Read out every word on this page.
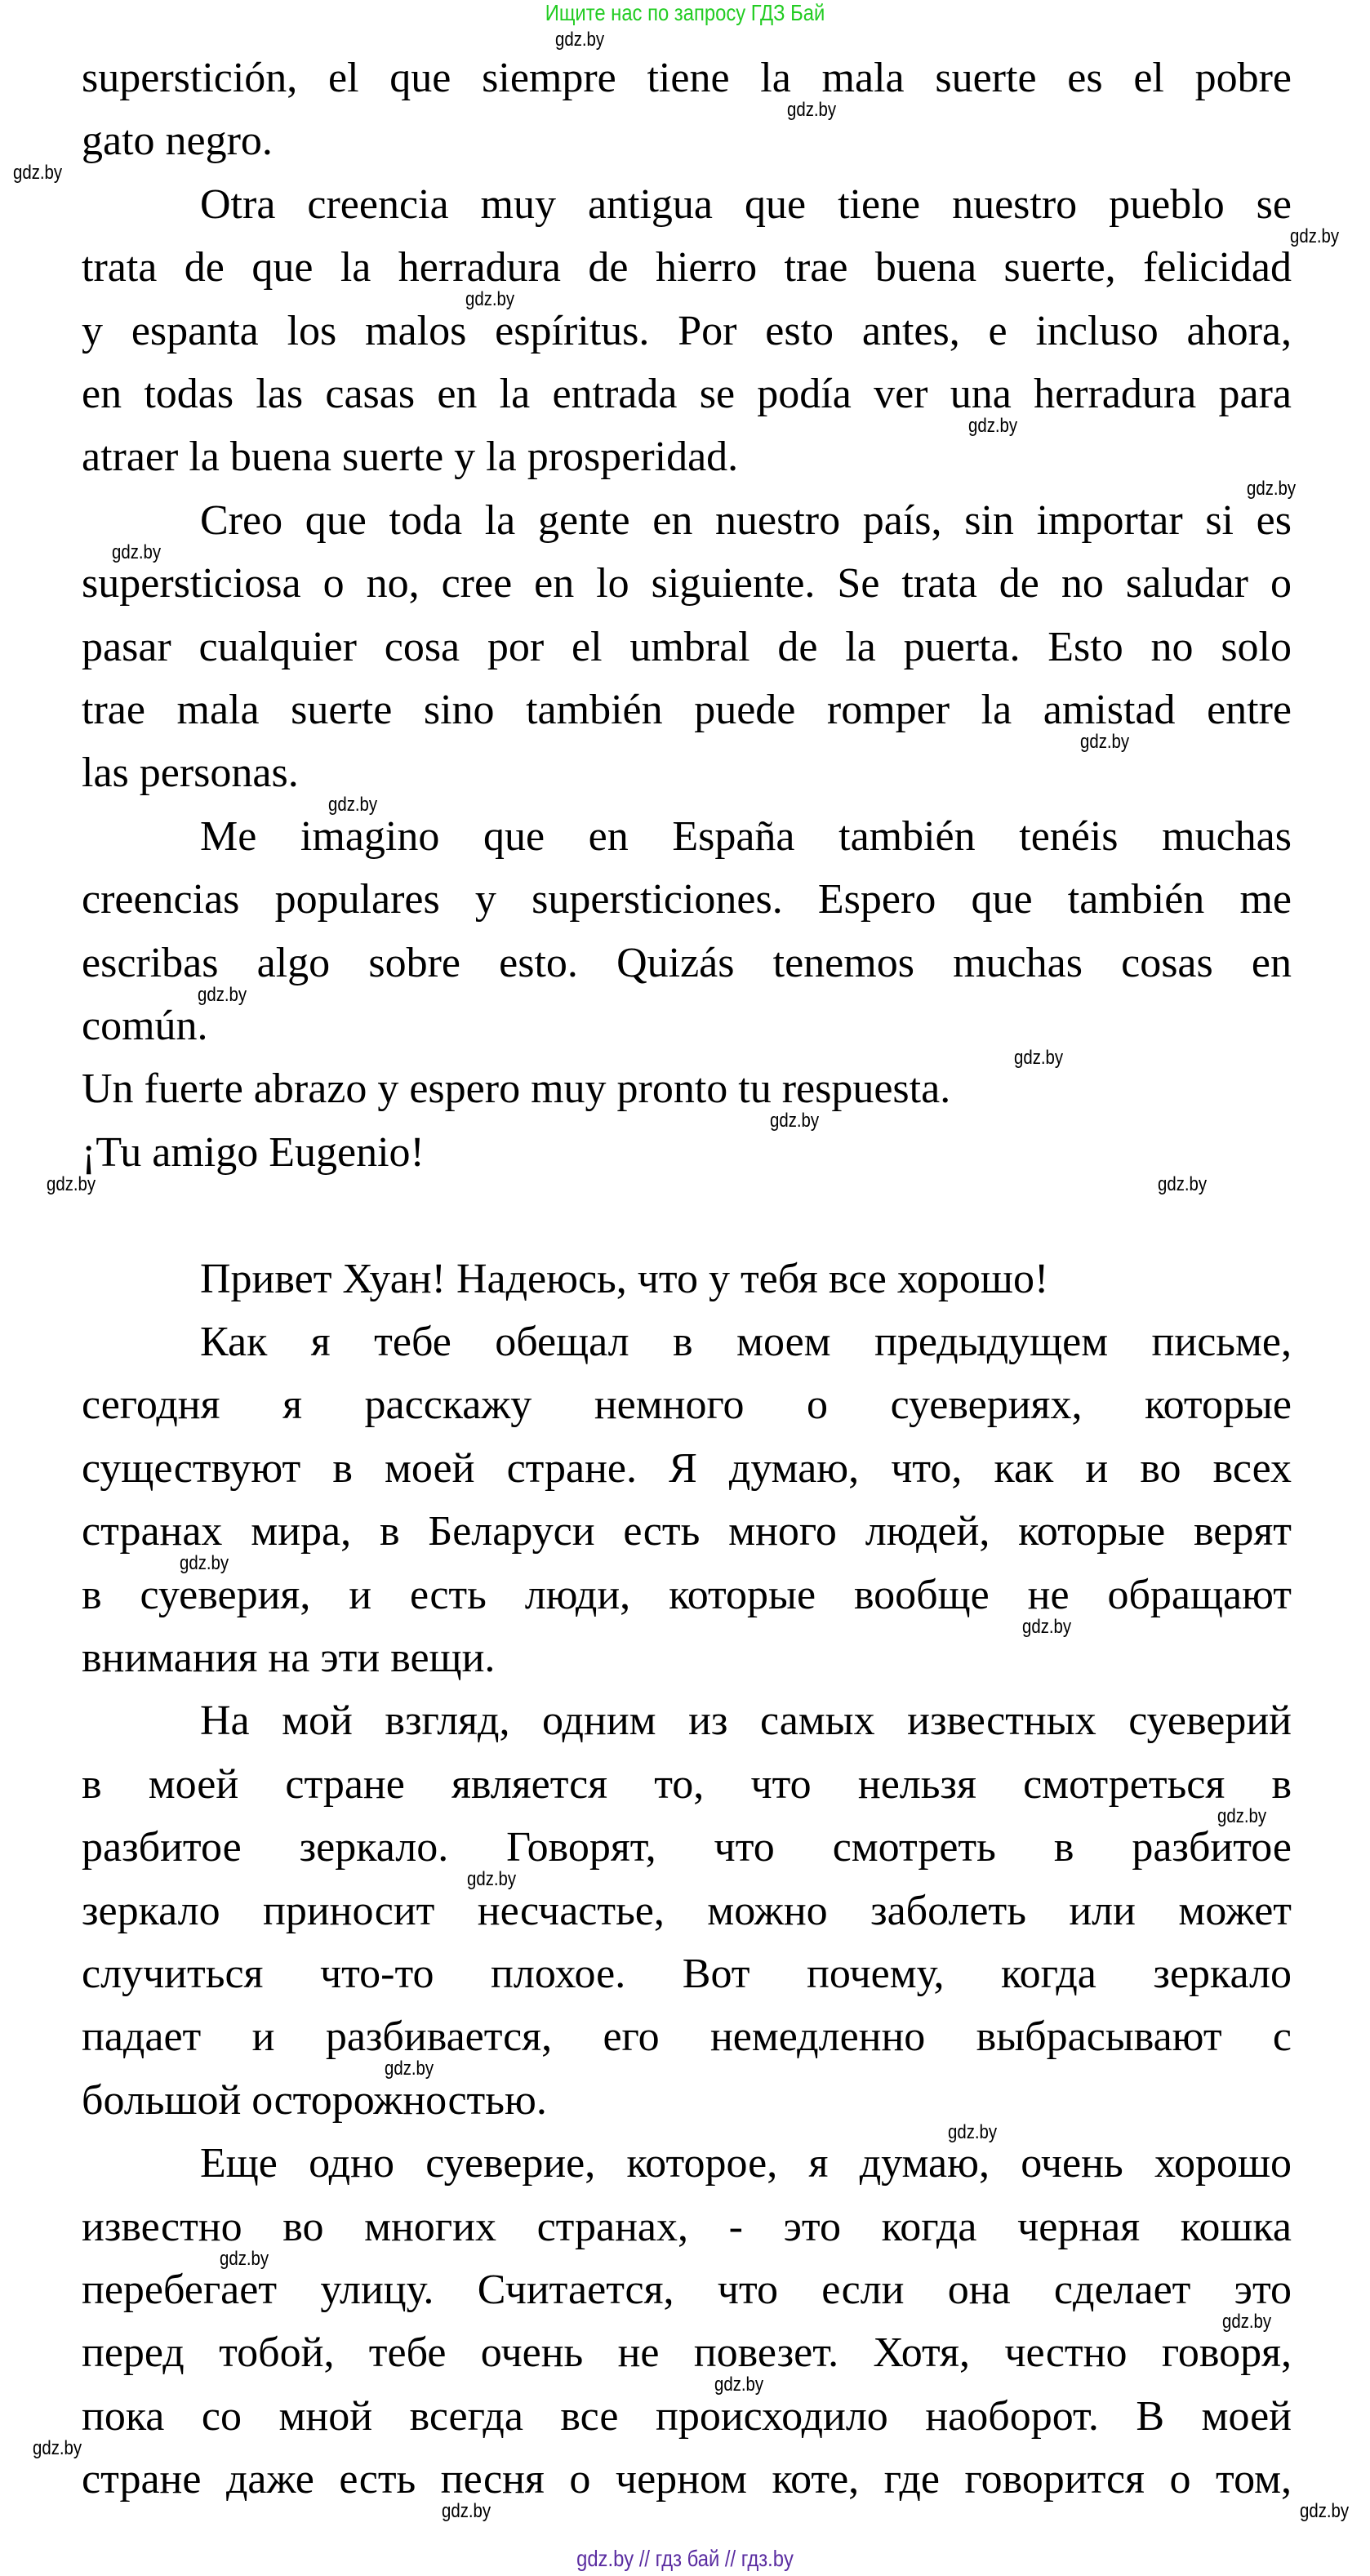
Ищите нас по запросу ГДЗ Бай
superstición, el que siempre tiene la mala suerte es el pobre
gato negro.
Otra creencia muy antigua que tiene nuestro pueblo se
trata de que la herradura de hierro trae buena suerte, felicidad
y espanta los malos espíritus. Por esto antes, e incluso ahora,
en todas las casas en la entrada se podía ver una herradura para
atraer la buena suerte y la prosperidad.
Creo que toda la gente en nuestro país, sin importar si es
supersticiosa o no, cree en lo siguiente. Se trata de no saludar o
pasar cualquier cosa por el umbral de la puerta. Esto no solo
trae mala suerte sino también puede romper la amistad entre
las personas.
Me imagino que en España también tenéis muchas
creencias populares y supersticiones. Espero que también me
escribas algo sobre esto. Quizás tenemos muchas cosas en
común.
Un fuerte abrazo y espero muy pronto tu respuesta.
¡Tu amigo Eugenio!
Привет Хуан! Надеюсь, что у тебя все хорошо!
Как я тебе обещал в моем предыдущем письме,
сегодня я расскажу немного о суевериях, которые
существуют в моей стране. Я думаю, что, как и во всех
странах мира, в Беларуси есть много людей, которые верят
в суеверия, и есть люди, которые вообще не обращают
внимания на эти вещи.
На мой взгляд, одним из самых известных суеверий
в моей стране является то, что нельзя смотреться в
разбитое зеркало. Говорят, что смотреть в разбитое
зеркало приносит несчастье, можно заболеть или может
случиться что-то плохое. Вот почему, когда зеркало
падает и разбивается, его немедленно выбрасывают с
большой осторожностью.
Еще одно суеверие, которое, я думаю, очень хорошо
известно во многих странах, - это когда черная кошка
перебегает улицу. Считается, что если она сделает это
перед тобой, тебе очень не повезет. Хотя, честно говоря,
пока со мной всегда все происходило наоборот. В моей
стране даже есть песня о черном коте, где говорится о том,
gdz.by
gdz.by
gdz.by
gdz.by
gdz.by
gdz.by
gdz.by
gdz.by
gdz.by
gdz.by
gdz.by
gdz.by
gdz.by
gdz.by
gdz.by
gdz.by
gdz.by
gdz.by
gdz.by
gdz.by
gdz.by
gdz.by
gdz.by
gdz.by
gdz.by
gdz.by
gdz.by
gdz.by // гдз бай // гдз.by
